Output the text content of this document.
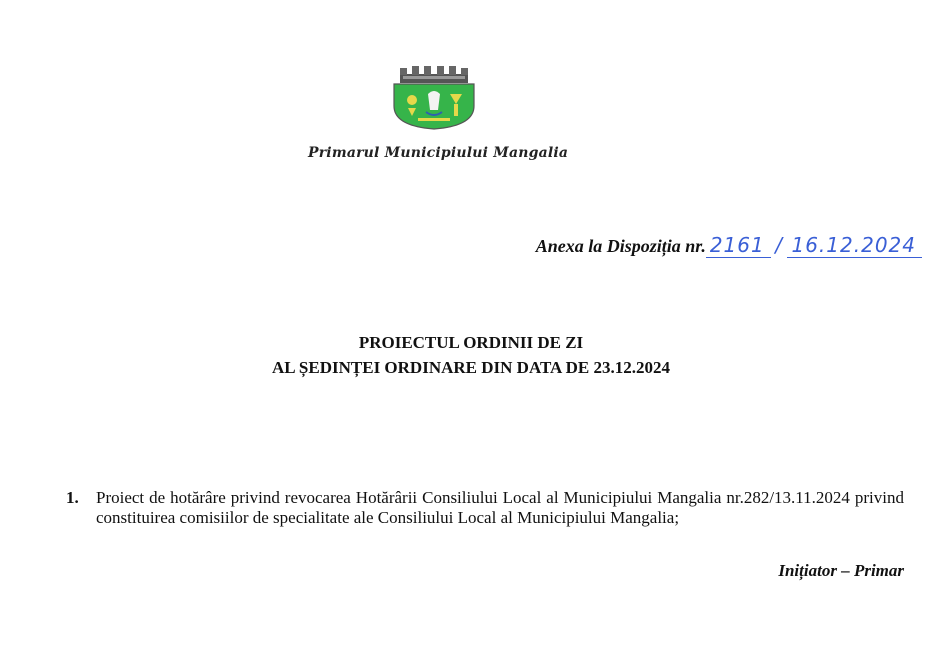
Primarul Municipiului Mangalia
Anexa la Dispoziția nr. 2161 / 16.12.2024
PROIECTUL ORDINII DE ZI
AL ȘEDINȚEI ORDINARE DIN DATA DE 23.12.2024
1. Proiect de hotărâre privind revocarea Hotărârii Consiliului Local al Municipiului Mangalia nr.282/13.11.2024 privind constituirea comisiilor de specialitate ale Consiliului Local al Municipiului Mangalia;
Inițiator – Primar
